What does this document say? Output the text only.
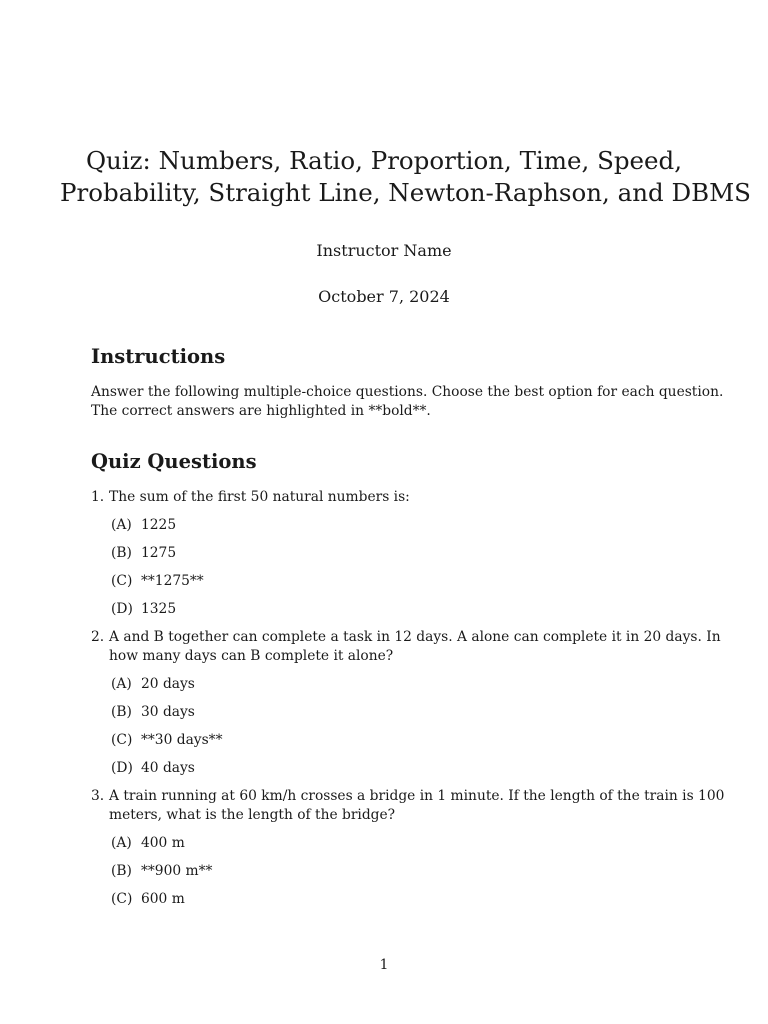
Quiz: Numbers, Ratio, Proportion, Time, Speed,
Probability, Straight Line, Newton-Raphson, and DBMS
Instructor Name
October 7, 2024
Instructions

Answer the following multiple-choice questions. Choose the best option for each question.
The correct answers are highlighted in **bold**.

Quiz Questions
1. The sum of the first 50 natural numbers is:
(A) 1225
(B) 1275
(C) **1275**
(D) 1325
2. A and B together can complete a task in 12 days. A alone can complete it in 20 days. In
how many days can B complete it alone?
(A) 20 days
(B) 30 days
(C) **30 days**
(D) 40 days
3. A train running at 60 km/h crosses a bridge in 1 minute. If the length of the train is 100
meters, what is the length of the bridge?
(A) 400 m
(B) **900 m**
(C) 600 m
1
